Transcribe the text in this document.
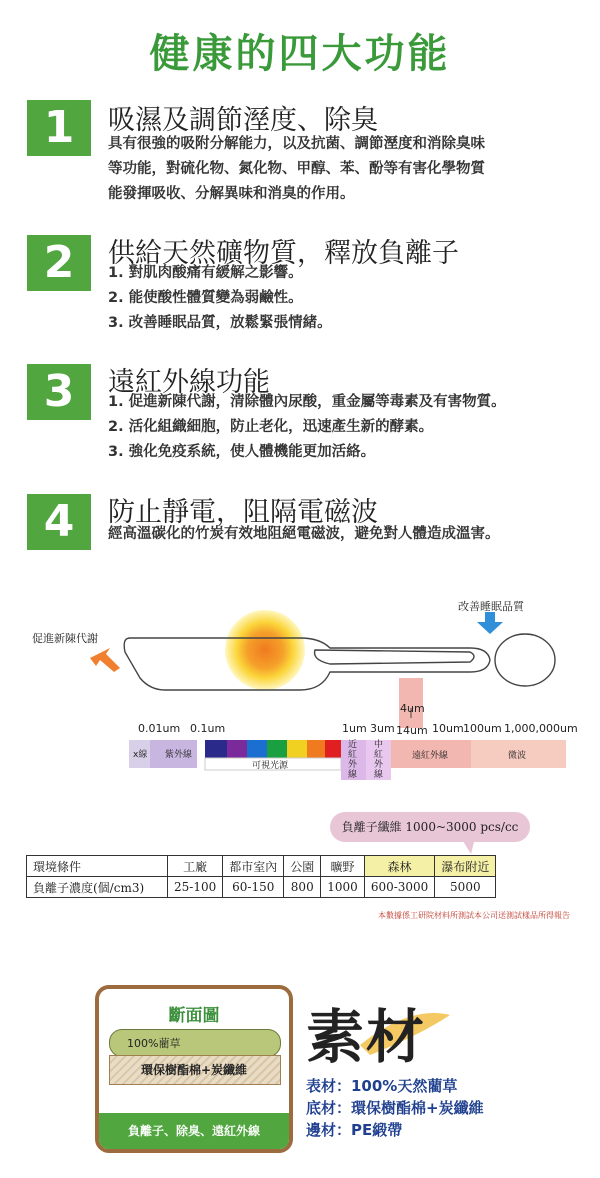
健康的四大功能
1	吸濕及調節溼度、除臭
具有很強的吸附分解能力，以及抗菌、調節溼度和消除臭味
等功能，對硫化物、氮化物、甲醇、苯、酚等有害化學物質
能發揮吸收、分解異味和消臭的作用。
2	供給天然礦物質，釋放負離子
1. 對肌肉酸痛有緩解之影響。
2. 能使酸性體質變為弱鹼性。
3. 改善睡眠品質，放鬆緊張情緒。
3	遠紅外線功能
1. 促進新陳代謝，清除體內尿酸，重金屬等毒素及有害物質。
2. 活化組織細胞，防止老化，迅速產生新的酵素。
3. 強化免疫系統，使人體機能更加活絡。
4	防止靜電，阻隔電磁波
經高溫碳化的竹炭有效地阻絕電磁波，避免對人體造成溫害。
促進新陳代謝
改善睡眠品質
4um
14um
0.01um 0.1um	1um 3um	10um 100um 1,000,000um
x線 紫外線
可視光源
近紅外線
中紅外線
遠紅外線	微波
負離子纖維 1000~3000 pcs/cc
環境條件	工廠	都市室內	公園	曠野	森林	瀑布附近
負離子濃度(個/cm3)	25-100	60-150	800	1000	600-3000	5000
本數據係工研院材料所測試本公司送測試樣品所得報告
斷面圖
100%藺草
環保樹酯棉+炭纖維
負離子、除臭、遠紅外線
素材
表材：100%天然藺草
底材：環保樹酯棉+炭纖維
邊材：PE緞帶
